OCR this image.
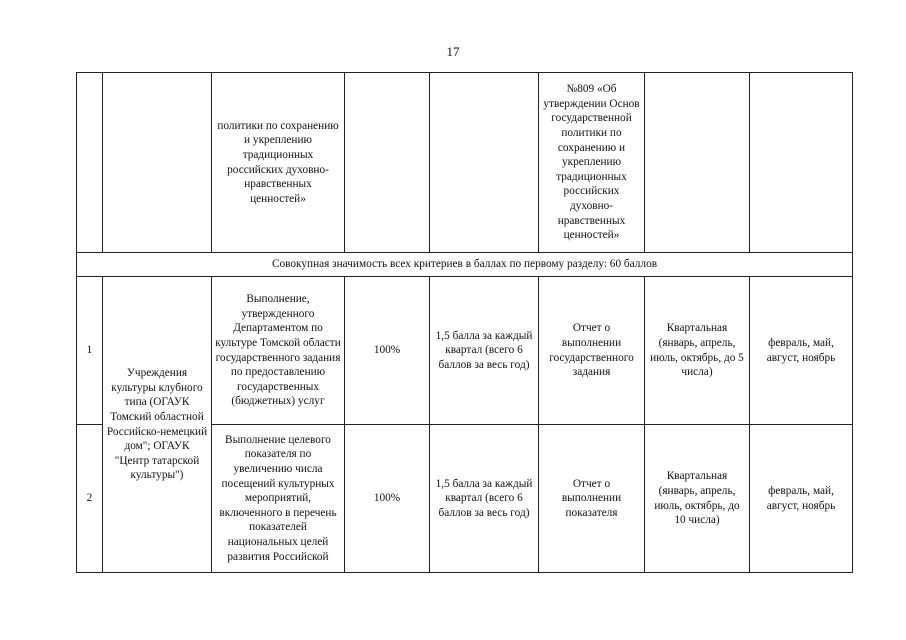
17
		политики по сохранению и укреплению традиционных российских духовно-нравственных ценностей»			№809 «Об утверждении Основ государственной политики по сохранению и укреплению традиционных российских духовно-нравственных ценностей»		
Совокупная значимость всех критериев в баллах по первому разделу: 60 баллов							
1	Учреждения культуры клубного типа (ОГАУК Томский областной Российско-немецкий дом"; ОГАУК "Центр татарской культуры")	Выполнение, утвержденного Департаментом по культуре Томской области государственного задания по предоставлению государственных (бюджетных) услуг	100%	1,5 балла за каждый квартал (всего 6 баллов за весь год)	Отчет о выполнении государственного задания	Квартальная (январь, апрель, июль, октябрь, до 5 числа)	февраль, май, август, ноябрь
2		Выполнение целевого показателя по увеличению числа посещений культурных мероприятий, включенного в перечень показателей национальных целей развития Российской	100%	1,5 балла за каждый квартал (всего 6 баллов за весь год)	Отчет о выполнении показателя	Квартальная (январь, апрель, июль, октябрь, до 10 числа)	февраль, май, август, ноябрь
